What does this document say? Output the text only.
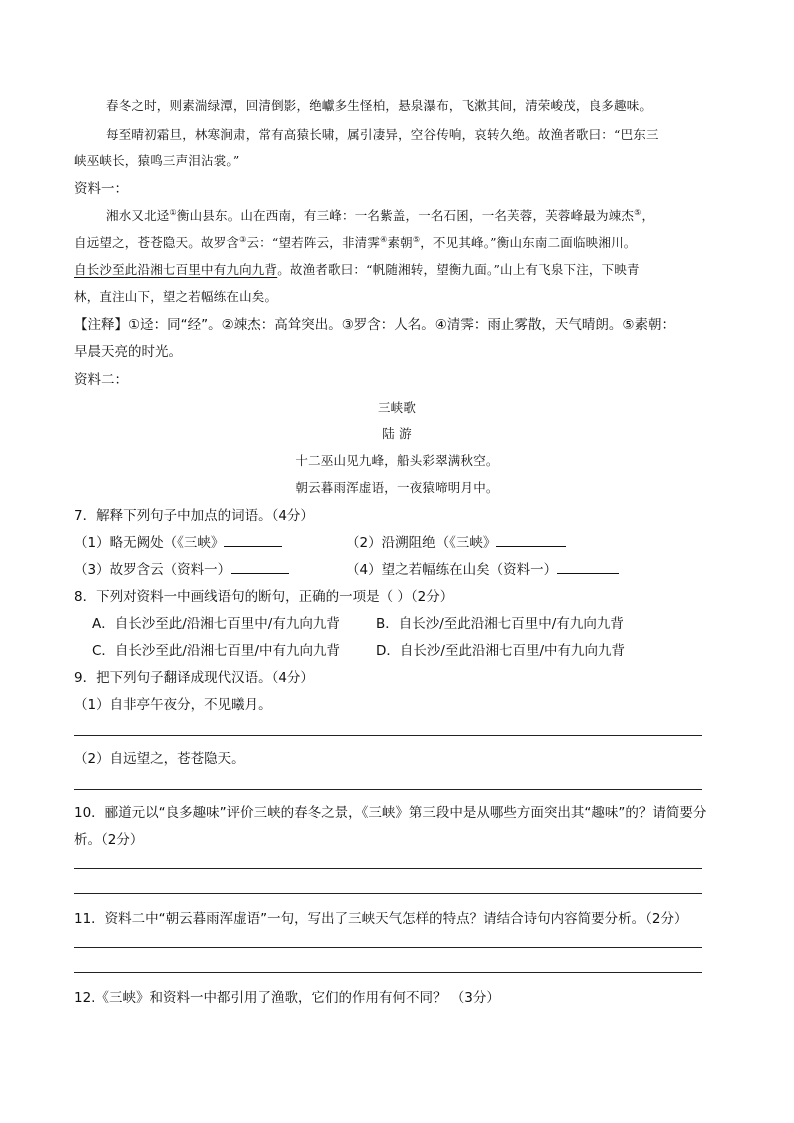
春冬之时，则素湍绿潭，回清倒影，绝巘多生怪柏，悬泉瀑布，飞漱其间，清荣峻茂，良多趣味。
每至晴初霜旦，林寒涧肃，常有高猿长啸，属引凄异，空谷传响，哀转久绝。故渔者歌曰：“巴东三
峡巫峡长，猿鸣三声泪沾裳。”
资料一：
湘水又北迳①衡山县东。山在西南，有三峰：一名紫盖，一名石囷，一名芙蓉，芙蓉峰最为竦杰⑤，
自远望之，苍苍隐天。故罗含③云：“望若阵云，非清霁④素朝⑤，不见其峰。”衡山东南二面临映湘川。
自长沙至此沿湘七百里中有九向九背。故渔者歌曰：“帆随湘转，望衡九面。”山上有飞泉下注，下映青
林，直注山下，望之若幅练在山矣。
【注释】①迳：同“经”。②竦杰：高耸突出。③罗含：人名。④清霁：雨止雾散，天气晴朗。⑤素朝：
早晨天亮的时光。
资料二：
三峡歌
陆 游
十二巫山见九峰，船头彩翠满秋空。
朝云暮雨浑虚语，一夜猿啼明月中。
7．解释下列句子中加点的词语。（4分）
（1）略无阙处（《三峡》	（2）沿溯阻绝（《三峡》
（3）故罗含云（资料一）	（4）望之若幅练在山矣（资料一）
8．下列对资料一中画线语句的断句，正确的一项是（ ）（2分）
A．自长沙至此/沿湘七百里中/有九向九背	B．自长沙/至此沿湘七百里中/有九向九背
C．自长沙至此/沿湘七百里/中有九向九背	D．自长沙/至此沿湘七百里/中有九向九背
9．把下列句子翻译成现代汉语。（4分）
（1）自非亭午夜分，不见曦月。
（2）自远望之，苍苍隐天。
10．郦道元以“良多趣味”评价三峡的春冬之景，《三峡》第三段中是从哪些方面突出其“趣味”的？请简要分
析。（2分）
11．资料二中“朝云暮雨浑虚语”一句，写出了三峡天气怎样的特点？请结合诗句内容简要分析。（2分）
12.《三峡》和资料一中都引用了渔歌，它们的作用有何不同？ （3分）
